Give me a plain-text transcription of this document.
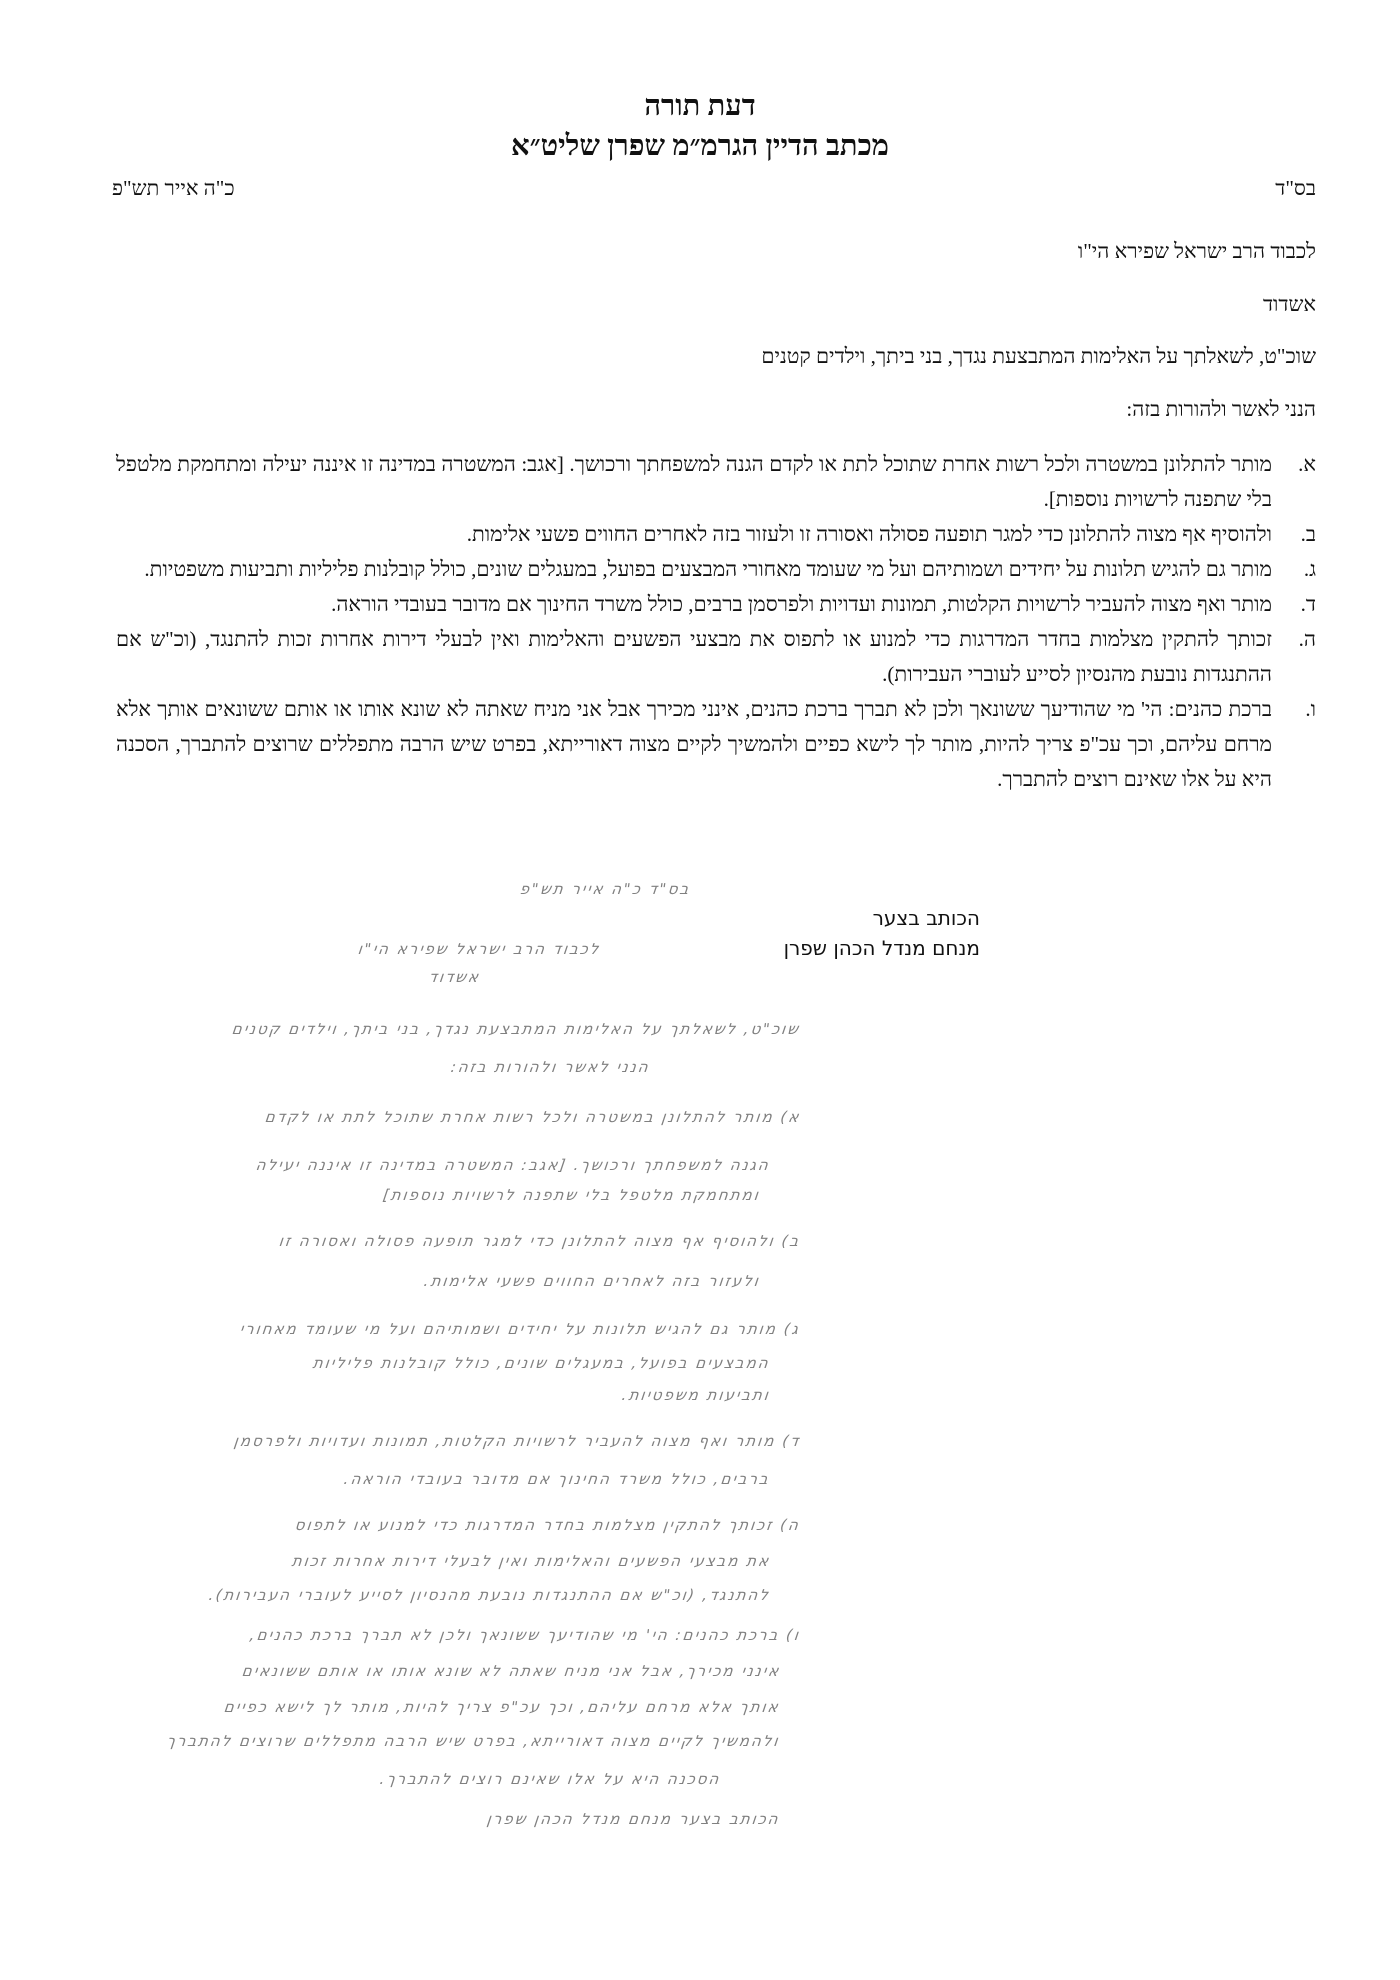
דעת תורה
מכתב הדיין הגרמ״מ שפרן שליט״א
בס"ד
כ"ה אייר תש"פ
לכבוד הרב ישראל שפירא הי"ו
אשדוד
שוכ"ט, לשאלתך על האלימות המתבצעת נגדך, בני ביתך, וילדים קטנים
הנני לאשר ולהורות בזה:
א.
מותר להתלונן במשטרה ולכל רשות אחרת שתוכל לתת או לקדם הגנה למשפחתך ורכושך. [אגב: המשטרה במדינה זו איננה יעילה ומתחמקת מלטפל בלי שתפנה לרשויות נוספות].
ב.
ולהוסיף אף מצוה להתלונן כדי למגר תופעה פסולה ואסורה זו ולעזור בזה לאחרים החווים פשעי אלימות.
ג.
מותר גם להגיש תלונות על יחידים ושמותיהם ועל מי שעומד מאחורי המבצעים בפועל, במעגלים שונים, כולל קובלנות פליליות ותביעות משפטיות.
ד.
מותר ואף מצוה להעביר לרשויות הקלטות, תמונות ועדויות ולפרסמן ברבים, כולל משרד החינוך אם מדובר בעובדי הוראה.
ה.
זכותך להתקין מצלמות בחדר המדרגות כדי למנוע או לתפוס את מבצעי הפשעים והאלימות ואין לבעלי דירות אחרות זכות להתנגד, (וכ"ש אם ההתנגדות נובעת מהנסיון לסייע לעוברי העבירות).
ו.
ברכת כהנים: הי' מי שהודיעך ששונאך ולכן לא תברך ברכת כהנים, אינני מכירך אבל אני מניח שאתה לא שונא אותו או אותם ששונאים אותך אלא מרחם עליהם, וכך עכ"פ צריך להיות, מותר לך לישא כפיים ולהמשיך לקיים מצוה דאורייתא, בפרט שיש הרבה מתפללים שרוצים להתברך, הסכנה היא על אלו שאינם רוצים להתברך.
הכותב בצער
מנחם מנדל הכהן שפרן
בס"ד כ"ה אייר תש"פ
לכבוד הרב ישראל שפירא הי"ו
אשדוד
שוכ"ט, לשאלתך על האלימות המתבצעת נגדך, בני ביתך, וילדים קטנים
הנני לאשר ולהורות בזה:
א) מותר להתלונן במשטרה ולכל רשות אחרת שתוכל לתת או לקדם
הגנה למשפחתך ורכושך. [אגב: המשטרה במדינה זו איננה יעילה
ומתחמקת מלטפל בלי שתפנה לרשויות נוספות]
ב) ולהוסיף אף מצוה להתלונן כדי למגר תופעה פסולה ואסורה זו
ולעזור בזה לאחרים החווים פשעי אלימות.
ג) מותר גם להגיש תלונות על יחידים ושמותיהם ועל מי שעומד מאחורי
המבצעים בפועל, במעגלים שונים, כולל קובלנות פליליות
ותביעות משפטיות.
ד) מותר ואף מצוה להעביר לרשויות הקלטות, תמונות ועדויות ולפרסמן
ברבים, כולל משרד החינוך אם מדובר בעובדי הוראה.
ה) זכותך להתקין מצלמות בחדר המדרגות כדי למנוע או לתפוס
את מבצעי הפשעים והאלימות ואין לבעלי דירות אחרות זכות
להתנגד, (וכ"ש אם ההתנגדות נובעת מהנסיון לסייע לעוברי העבירות).
ו) ברכת כהנים: הי' מי שהודיעך ששונאך ולכן לא תברך ברכת כהנים,
אינני מכירך, אבל אני מניח שאתה לא שונא אותו או אותם ששונאים
אותך אלא מרחם עליהם, וכך עכ"פ צריך להיות, מותר לך לישא כפיים
ולהמשיך לקיים מצוה דאורייתא, בפרט שיש הרבה מתפללים שרוצים להתברך
הסכנה היא על אלו שאינם רוצים להתברך.
הכותב בצער מנחם מנדל הכהן שפרן
